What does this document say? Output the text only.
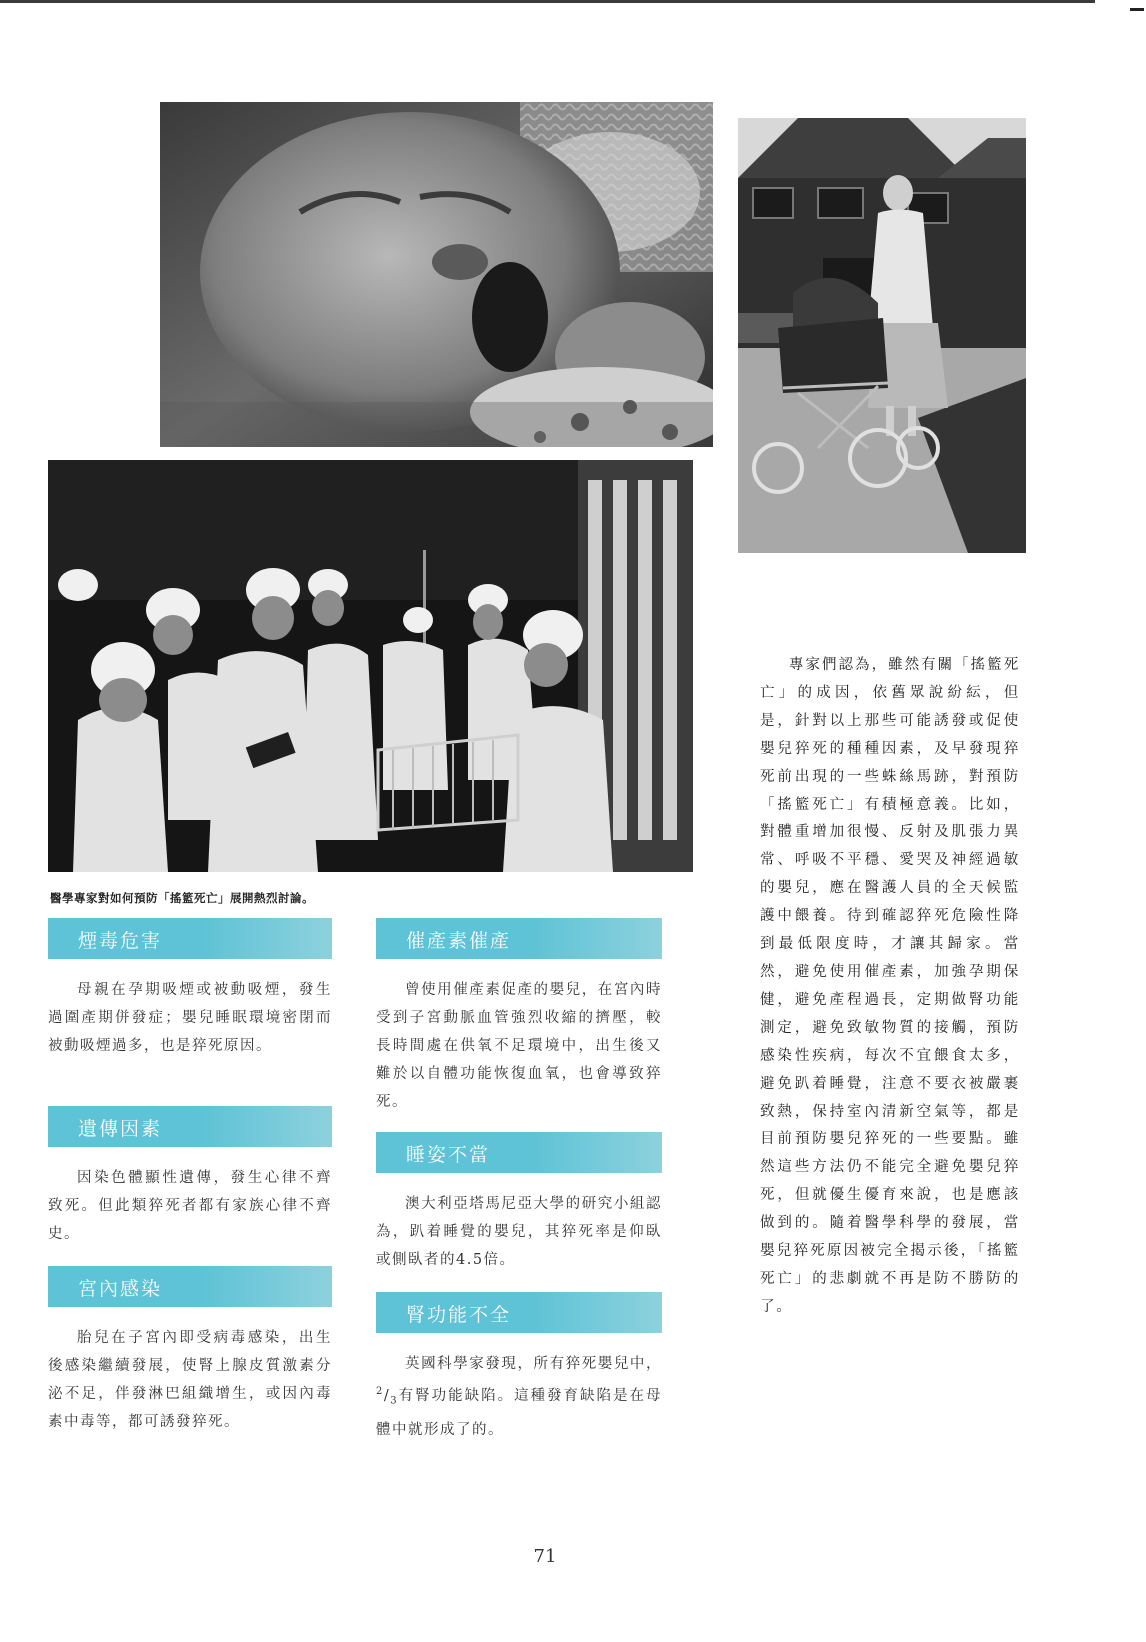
醫學專家對如何預防「搖籃死亡」展開熱烈討論。
煙毒危害

母親在孕期吸煙或被動吸煙，發生過圍產期併發症；嬰兒睡眠環境密閉而被動吸煙過多，也是猝死原因。

遺傳因素

因染色體顯性遺傳，發生心律不齊致死。但此類猝死者都有家族心律不齊史。

宮內感染

胎兒在子宮內即受病毒感染，出生後感染繼續發展，使腎上腺皮質激素分泌不足，伴發淋巴組織增生，或因內毒素中毒等，都可誘發猝死。

催產素催產

曾使用催產素促產的嬰兒，在宮內時受到子宮動脈血管強烈收縮的擠壓，較長時間處在供氧不足環境中，出生後又難於以自體功能恢復血氧，也會導致猝死。

睡姿不當

澳大利亞塔馬尼亞大學的研究小組認為，趴着睡覺的嬰兒，其猝死率是仰臥或側臥者的4.5倍。

腎功能不全

英國科學家發現，所有猝死嬰兒中，$^2/_3$有腎功能缺陷。這種發育缺陷是在母體中就形成了的。

專家們認為，雖然有關「搖籃死亡」的成因，依舊眾說紛紜，但是，針對以上那些可能誘發或促使嬰兒猝死的種種因素，及早發現猝死前出現的一些蛛絲馬跡，對預防「搖籃死亡」有積極意義。比如，對體重增加很慢、反射及肌張力異常、呼吸不平穩、愛哭及神經過敏的嬰兒，應在醫護人員的全天候監護中餵養。待到確認猝死危險性降到最低限度時，才讓其歸家。當然，避免使用催產素，加強孕期保健，避免產程過長，定期做腎功能測定，避免致敏物質的接觸，預防感染性疾病，每次不宜餵食太多，避免趴着睡覺，注意不要衣被嚴裹致熱，保持室內清新空氣等，都是目前預防嬰兒猝死的一些要點。雖然這些方法仍不能完全避免嬰兒猝死，但就優生優育來說，也是應該做到的。隨着醫學科學的發展，當嬰兒猝死原因被完全揭示後，「搖籃死亡」的悲劇就不再是防不勝防的了。

71
